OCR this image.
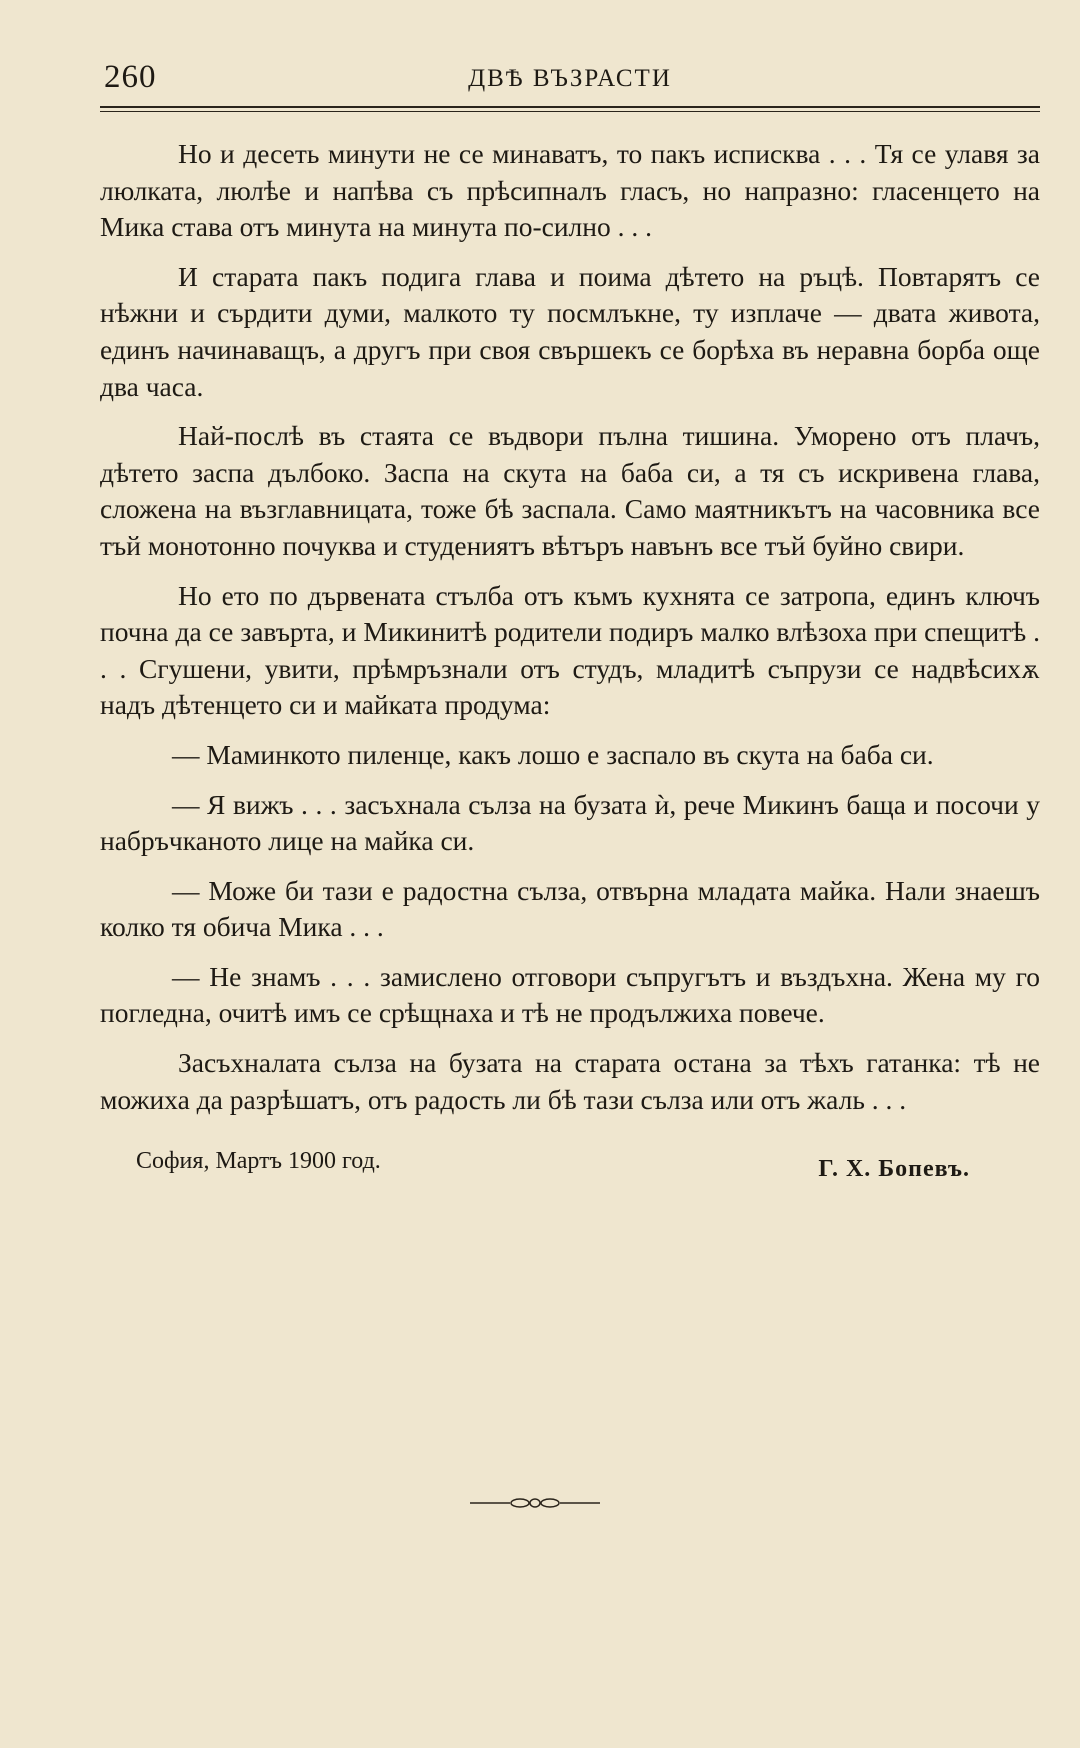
260	ДВѢ ВЪЗРАСТИ

Но и десеть минути не се минаватъ, то пакъ исписква . . . Тя се улавя за люлката, люлѣе и напѣва съ прѣсипналъ гласъ, но напразно: гласенцето на Мика става отъ минута на минута по-силно . . .

И старата пакъ подига глава и поима дѣтето на ръцѣ. Повтарятъ се нѣжни и сърдити думи, малкото ту посмлъкне, ту изплаче — двата живота, единъ начинаващъ, а другъ при своя свършекъ се борѣха въ неравна борба още два часа.

Най-послѣ въ стаята се въдвори пълна тишина. Уморено отъ плачъ, дѣтето заспа дълбоко. Заспа на скута на баба си, а тя съ искривена глава, сложена на възглавницата, тоже бѣ заспала. Само маятникътъ на часовника все тъй монотонно почуква и студениятъ вѣтъръ навънъ все тъй буйно свири.

Но ето по дървената стълба отъ къмъ кухнята се затропа, единъ ключъ почна да се завърта, и Микинитѣ родители подиръ малко влѣзоха при спещитѣ . . . Сгушени, увити, прѣмръзнали отъ студъ, младитѣ съпрузи се надвѣсихѫ надъ дѣтенцето си и майката продума:

— Маминкото пиленце, какъ лошо е заспало въ скута на баба си.

— Я вижъ . . . засъхнала сълза на бузата ѝ, рече Микинъ баща и посочи у набръчканото лице на майка си.

— Може би тази е радостна сълза, отвърна младата майка. Нали знаешъ колко тя обича Мика . . .

— Не знамъ . . . замислено отговори съпругътъ и въздъхна. Жена му го погледна, очитѣ имъ се срѣщнаха и тѣ не продължиха повече.

Засъхналата сълза на бузата на старата остана за тѣхъ гатанка: тѣ не можиха да разрѣшатъ, отъ радость ли бѣ тази сълза или отъ жаль . . .

София, Мартъ 1900 год.	Г. Х. Бопевъ.
